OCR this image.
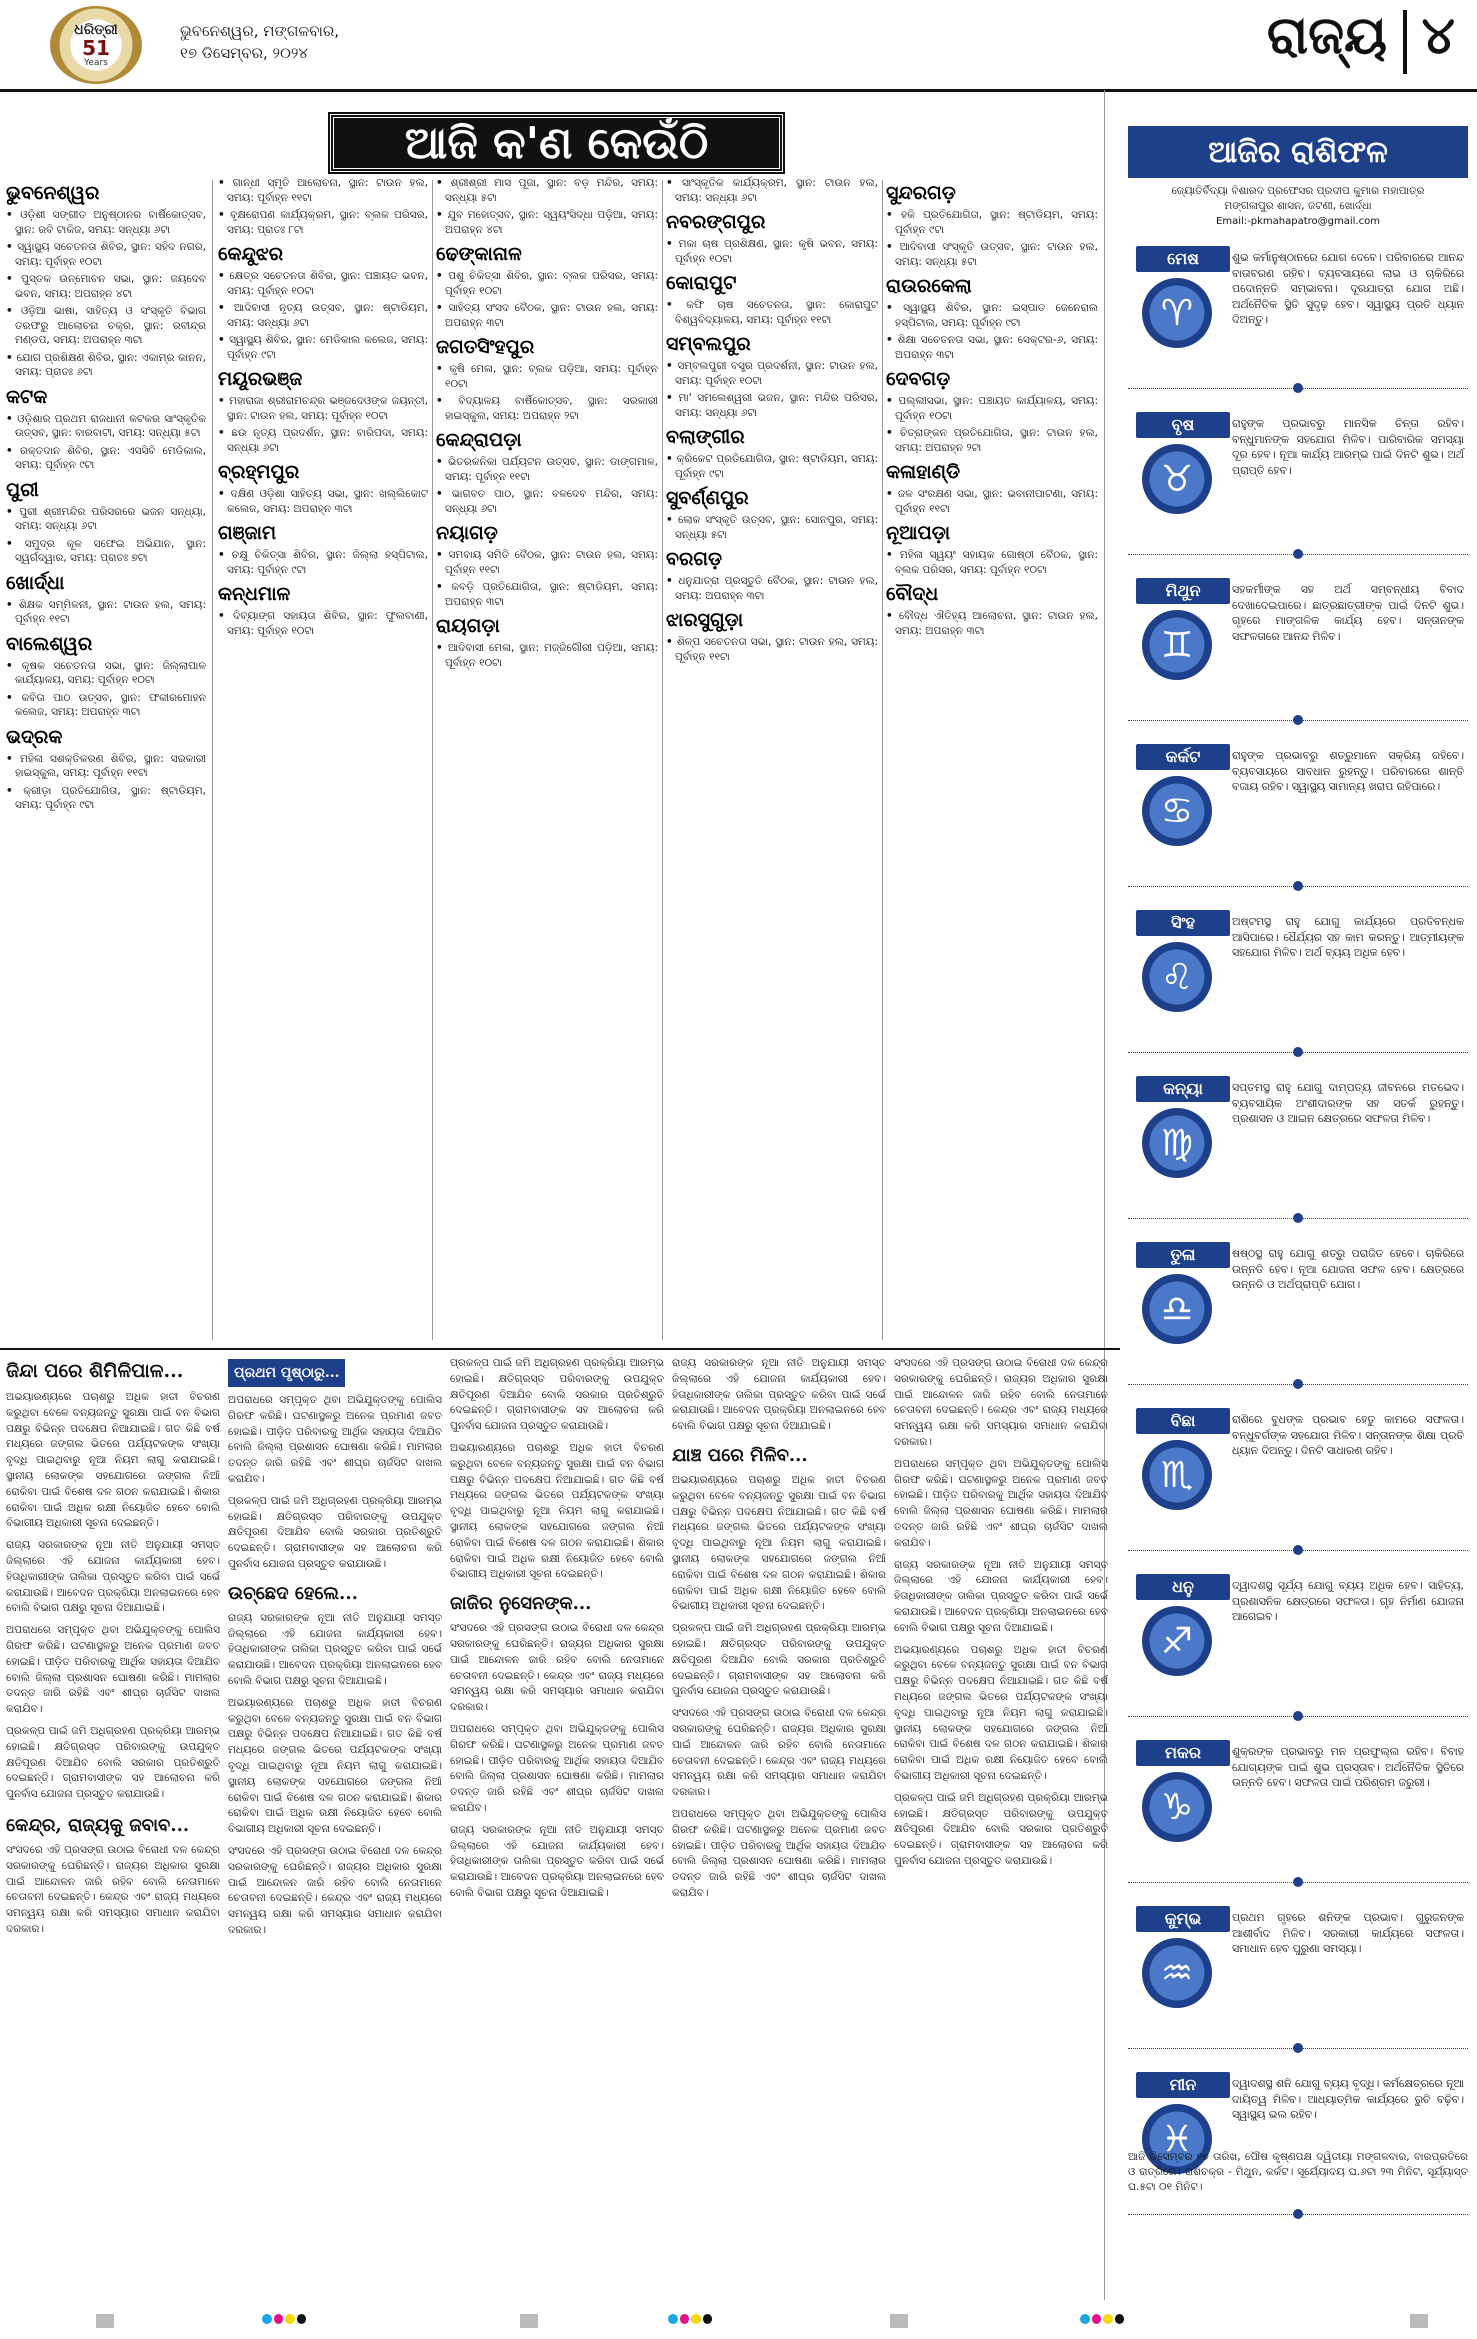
ଧରିତ୍ରୀ
51
Years
ଭୁବନେଶ୍ୱର, ମଙ୍ଗଳବାର,
୧୭ ଡିସେମ୍ବର, ୨୦୨୪	ରାଜ୍ୟ ୪
ଆଜି କ'ଣ କେଉଁଠି
ଭୁବନେଶ୍ୱର
• ଓଡ଼ିଶୀ ସଙ୍ଗୀତ ଅନୁଷ୍ଠାନର ବାର୍ଷିକୋତ୍ସବ, ସ୍ଥାନ: ରବି ଟାକିଜ, ସମୟ: ସନ୍ଧ୍ୟା ୬ଟା
• ସ୍ୱାସ୍ଥ୍ୟ ସଚେତନତା ଶିବିର, ସ୍ଥାନ: ସହିଦ ନଗର, ସମୟ: ପୂର୍ବାହ୍ନ ୧୦ଟା
• ପୁସ୍ତକ ଉନ୍ମୋଚନ ସଭା, ସ୍ଥାନ: ଜୟଦେବ ଭବନ, ସମୟ: ଅପରାହ୍ନ ୪ଟା
• ଓଡ଼ିଆ ଭାଷା, ସାହିତ୍ୟ ଓ ସଂସ୍କୃତି ବିଭାଗ ତରଫରୁ ଆଲୋଚନା ଚକ୍ର, ସ୍ଥାନ: ରବୀନ୍ଦ୍ର ମଣ୍ଡପ, ସମୟ: ଅପରାହ୍ନ ୩ଟା
• ଯୋଗ ପ୍ରଶିକ୍ଷଣ ଶିବିର, ସ୍ଥାନ: ଏକାମ୍ର କାନନ, ସମୟ: ପ୍ରାତଃ ୬ଟା
କଟକ
• ଓଡ଼ିଶାର ପ୍ରଥମ ରାଜଧାନୀ କଟକର ସାଂସ୍କୃତିକ ଉତ୍ସବ, ସ୍ଥାନ: ବାରବାଟୀ, ସମୟ: ସନ୍ଧ୍ୟା ୫ଟା
• ରକ୍ତଦାନ ଶିବିର, ସ୍ଥାନ: ଏସସିବି ମେଡିକାଲ, ସମୟ: ପୂର୍ବାହ୍ନ ୯ଟା
ପୁରୀ
• ପୁରୀ ଶ୍ରୀମନ୍ଦିର ପରିସରରେ ଭଜନ ସନ୍ଧ୍ୟା, ସମୟ: ସନ୍ଧ୍ୟା ୬ଟା
• ସମୁଦ୍ର କୂଳ ସଫେଇ ଅଭିଯାନ, ସ୍ଥାନ: ସ୍ୱର୍ଗଦ୍ୱାର, ସମୟ: ପ୍ରାତଃ ୭ଟା
ଖୋର୍ଦ୍ଧା
• ଶିକ୍ଷକ ସମ୍ମିଳନୀ, ସ୍ଥାନ: ଟାଉନ ହଲ, ସମୟ: ପୂର୍ବାହ୍ନ ୧୧ଟା
ବାଲେଶ୍ୱର
• କୃଷକ ସଚେତନତା ସଭା, ସ୍ଥାନ: ଜିଲ୍ଲାପାଳ କାର୍ଯ୍ୟାଳୟ, ସମୟ: ପୂର୍ବାହ୍ନ ୧୦ଟା
• କବିତା ପାଠ ଉତ୍ସବ, ସ୍ଥାନ: ଫକୀରମୋହନ କଲେଜ, ସମୟ: ଅପରାହ୍ନ ୩ଟା
ଭଦ୍ରକ
• ମହିଳା ସଶକ୍ତିକରଣ ଶିବିର, ସ୍ଥାନ: ସରକାରୀ ହାଇସ୍କୁଲ, ସମୟ: ପୂର୍ବାହ୍ନ ୧୧ଟା
• କ୍ରୀଡ଼ା ପ୍ରତିଯୋଗିତା, ସ୍ଥାନ: ଷ୍ଟାଡିୟମ, ସମୟ: ପୂର୍ବାହ୍ନ ୯ଟା
• ଗାନ୍ଧୀ ସ୍ମୃତି ଆଲୋଚନା, ସ୍ଥାନ: ଟାଉନ ହଲ, ସମୟ: ପୂର୍ବାହ୍ନ ୧୧ଟା
• ବୃକ୍ଷରୋପଣ କାର୍ଯ୍ୟକ୍ରମ, ସ୍ଥାନ: ବ୍ଲକ ପରିସର, ସମୟ: ପ୍ରାତଃ ୮ଟା
କେନ୍ଦୁଝର
• କ୍ଷେତ୍ର ସଚେତନତା ଶିବିର, ସ୍ଥାନ: ପଞ୍ଚାୟତ ଭବନ, ସମୟ: ପୂର୍ବାହ୍ନ ୧୦ଟା
• ଆଦିବାସୀ ନୃତ୍ୟ ଉତ୍ସବ, ସ୍ଥାନ: ଷ୍ଟାଡିୟମ, ସମୟ: ସନ୍ଧ୍ୟା ୬ଟା
• ସ୍ୱାସ୍ଥ୍ୟ ଶିବିର, ସ୍ଥାନ: ମେଡିକାଲ କଲେଜ, ସମୟ: ପୂର୍ବାହ୍ନ ୯ଟା
ମୟୂରଭଞ୍ଜ
• ମହାରାଜା ଶ୍ରୀରାମଚନ୍ଦ୍ର ଭଞ୍ଜଦେଓଙ୍କ ଜୟନ୍ତୀ, ସ୍ଥାନ: ଟାଉନ ହଲ, ସମୟ: ପୂର୍ବାହ୍ନ ୧୦ଟା
• ଛଉ ନୃତ୍ୟ ପ୍ରଦର୍ଶନ, ସ୍ଥାନ: ବାରିପଦା, ସମୟ: ସନ୍ଧ୍ୟା ୬ଟା
ବ୍ରହ୍ମପୁର
• ଦକ୍ଷିଣ ଓଡ଼ିଶା ସାହିତ୍ୟ ସଭା, ସ୍ଥାନ: ଖଲ୍ଲିକୋଟ କଲେଜ, ସମୟ: ଅପରାହ୍ନ ୩ଟା
ଗଞ୍ଜାମ
• ଚକ୍ଷୁ ଚିକିତ୍ସା ଶିବିର, ସ୍ଥାନ: ଜିଲ୍ଲା ହସ୍ପିଟାଲ, ସମୟ: ପୂର୍ବାହ୍ନ ୯ଟା
କନ୍ଧମାଳ
• ଦିବ୍ୟାଙ୍ଗ ସହାୟତା ଶିବିର, ସ୍ଥାନ: ଫୁଲବାଣୀ, ସମୟ: ପୂର୍ବାହ୍ନ ୧୦ଟା
• ଶ୍ରୀଶ୍ରୀ ମାସ ପୂଜା, ସ୍ଥାନ: ବଡ଼ ମନ୍ଦିର, ସମୟ: ସନ୍ଧ୍ୟା ୫ଟା
• ଯୁବ ମହୋତ୍ସବ, ସ୍ଥାନ: ସ୍ୱୟଂସିଦ୍ଧା ପଡ଼ିଆ, ସମୟ: ଅପରାହ୍ନ ୪ଟା
ଢେଙ୍କାନାଳ
• ପଶୁ ଚିକିତ୍ସା ଶିବିର, ସ୍ଥାନ: ବ୍ଲକ ପରିସର, ସମୟ: ପୂର୍ବାହ୍ନ ୧୦ଟା
• ସାହିତ୍ୟ ସଂସଦ ବୈଠକ, ସ୍ଥାନ: ଟାଉନ ହଲ, ସମୟ: ଅପରାହ୍ନ ୩ଟା
ଜଗତସିଂହପୁର
• କୃଷି ମେଳା, ସ୍ଥାନ: ବ୍ଲକ ପଡ଼ିଆ, ସମୟ: ପୂର୍ବାହ୍ନ ୧୦ଟା
• ବିଦ୍ୟାଳୟ ବାର୍ଷିକୋତ୍ସବ, ସ୍ଥାନ: ସରକାରୀ ହାଇସ୍କୁଲ, ସମୟ: ଅପରାହ୍ନ ୨ଟା
କେନ୍ଦ୍ରାପଡ଼ା
• ଭିତରକନିକା ପର୍ଯ୍ୟଟନ ଉତ୍ସବ, ସ୍ଥାନ: ଡାଙ୍ଗମାଳ, ସମୟ: ପୂର୍ବାହ୍ନ ୧୧ଟା
• ଭାଗବତ ପାଠ, ସ୍ଥାନ: ବଳଦେବ ମନ୍ଦିର, ସମୟ: ସନ୍ଧ୍ୟା ୬ଟା
ନୟାଗଡ଼
• ସମବାୟ ସମିତି ବୈଠକ, ସ୍ଥାନ: ଟାଉନ ହଲ, ସମୟ: ପୂର୍ବାହ୍ନ ୧୧ଟା
• କବଡ଼ି ପ୍ରତିଯୋଗିତା, ସ୍ଥାନ: ଷ୍ଟାଡିୟମ, ସମୟ: ଅପରାହ୍ନ ୩ଟା
ରାୟଗଡ଼ା
• ଆଦିବାସୀ ମେଳା, ସ୍ଥାନ: ମଜ୍ଜିଗୌରୀ ପଡ଼ିଆ, ସମୟ: ପୂର୍ବାହ୍ନ ୧୦ଟା
• ସାଂସ୍କୃତିକ କାର୍ଯ୍ୟକ୍ରମ, ସ୍ଥାନ: ଟାଉନ ହଲ, ସମୟ: ସନ୍ଧ୍ୟା ୬ଟା
ନବରଙ୍ଗପୁର
• ମକା ଚାଷ ପ୍ରଶିକ୍ଷଣ, ସ୍ଥାନ: କୃଷି ଭବନ, ସମୟ: ପୂର୍ବାହ୍ନ ୧୦ଟା
କୋରାପୁଟ
• କଫି ଚାଷ ସଚେତନତା, ସ୍ଥାନ: କୋରାପୁଟ ବିଶ୍ୱବିଦ୍ୟାଳୟ, ସମୟ: ପୂର୍ବାହ୍ନ ୧୧ଟା
ସମ୍ବଲପୁର
• ସମ୍ବଲପୁରୀ ବସ୍ତ୍ର ପ୍ରଦର୍ଶନୀ, ସ୍ଥାନ: ଟାଉନ ହଲ, ସମୟ: ପୂର୍ବାହ୍ନ ୧୦ଟା
• ମା' ସମଲେଶ୍ୱରୀ ଭଜନ, ସ୍ଥାନ: ମନ୍ଦିର ପରିସର, ସମୟ: ସନ୍ଧ୍ୟା ୬ଟା
ବଲାଙ୍ଗୀର
• କ୍ରିକେଟ ପ୍ରତିଯୋଗିତା, ସ୍ଥାନ: ଷ୍ଟାଡିୟମ, ସମୟ: ପୂର୍ବାହ୍ନ ୯ଟା
ସୁବର୍ଣ୍ଣପୁର
• ଲୋକ ସଂସ୍କୃତି ଉତ୍ସବ, ସ୍ଥାନ: ସୋନପୁର, ସମୟ: ସନ୍ଧ୍ୟା ୫ଟା
ବରଗଡ଼
• ଧନୁଯାତ୍ରା ପ୍ରସ୍ତୁତି ବୈଠକ, ସ୍ଥାନ: ଟାଉନ ହଲ, ସମୟ: ଅପରାହ୍ନ ୩ଟା
ଝାରସୁଗୁଡ଼ା
• ଶିଳ୍ପ ସଚେତନତା ସଭା, ସ୍ଥାନ: ଟାଉନ ହଲ, ସମୟ: ପୂର୍ବାହ୍ନ ୧୧ଟା
ସୁନ୍ଦରଗଡ଼
• ହକି ପ୍ରତିଯୋଗିତା, ସ୍ଥାନ: ଷ୍ଟାଡିୟମ, ସମୟ: ପୂର୍ବାହ୍ନ ୯ଟା
• ଆଦିବାସୀ ସଂସ୍କୃତି ଉତ୍ସବ, ସ୍ଥାନ: ଟାଉନ ହଲ, ସମୟ: ସନ୍ଧ୍ୟା ୫ଟା
ରାଉରକେଲା
• ସ୍ୱାସ୍ଥ୍ୟ ଶିବିର, ସ୍ଥାନ: ଇସ୍ପାତ ଜେନେରାଲ ହସ୍ପିଟାଲ, ସମୟ: ପୂର୍ବାହ୍ନ ୯ଟା
• ଶିକ୍ଷା ସଚେତନତା ସଭା, ସ୍ଥାନ: ସେକ୍ଟର-୬, ସମୟ: ଅପରାହ୍ନ ୩ଟା
ଦେବଗଡ଼
• ପଲ୍ଲୀସଭା, ସ୍ଥାନ: ପଞ୍ଚାୟତ କାର୍ଯ୍ୟାଳୟ, ସମୟ: ପୂର୍ବାହ୍ନ ୧୦ଟା
• ଚିତ୍ରାଙ୍କନ ପ୍ରତିଯୋଗିତା, ସ୍ଥାନ: ଟାଉନ ହଲ, ସମୟ: ଅପରାହ୍ନ ୨ଟା
କଳାହାଣ୍ଡି
• ଜଳ ସଂରକ୍ଷଣ ସଭା, ସ୍ଥାନ: ଭବାନୀପାଟଣା, ସମୟ: ପୂର୍ବାହ୍ନ ୧୧ଟା
ନୂଆପଡ଼ା
• ମହିଳା ସ୍ୱୟଂ ସହାୟକ ଗୋଷ୍ଠୀ ବୈଠକ, ସ୍ଥାନ: ବ୍ଲକ ପରିସର, ସମୟ: ପୂର୍ବାହ୍ନ ୧୦ଟା
ବୌଦ୍ଧ
• ବୌଦ୍ଧ ଐତିହ୍ୟ ଆଲୋଚନା, ସ୍ଥାନ: ଟାଉନ ହଲ, ସମୟ: ଅପରାହ୍ନ ୩ଟା
ଆଜିର ରାଶିଫଳ
ଜ୍ୟୋତିର୍ବିଦ୍ୟା ବିଶାରଦ ପ୍ରଫେସର ପ୍ରଦୀପ କୁମାର ମହାପାତ୍ର
ମଙ୍ଗଳାପୁର ଶାସନ, ଜଟଣୀ, ଖୋର୍ଦ୍ଧା
Email:-pkmahapatro@gmail.com
ମେଷ
♈
ଶୁଭ କର୍ମାନୁଷ୍ଠାନରେ ଯୋଗ ଦେବେ। ପରିବାରରେ ଆନନ୍ଦ ବାତାବରଣ ରହିବ। ବ୍ୟବସାୟରେ ଲାଭ ଓ ଚାକିରିରେ ପଦୋନ୍ନତି ସମ୍ଭାବନା। ଦୂରଯାତ୍ରା ଯୋଗ ଅଛି। ଅର୍ଥନୈତିକ ସ୍ଥିତି ସୁଦୃଢ଼ ହେବ। ସ୍ୱାସ୍ଥ୍ୟ ପ୍ରତି ଧ୍ୟାନ ଦିଅନ୍ତୁ।
ବୃଷ
♉
ରାହୁଙ୍କ ପ୍ରଭାବରୁ ମାନସିକ ଚିନ୍ତା ରହିବ। ବନ୍ଧୁମାନଙ୍କ ସହଯୋଗ ମିଳିବ। ପାରିବାରିକ ସମସ୍ୟା ଦୂର ହେବ। ନୂଆ କାର୍ଯ୍ୟ ଆରମ୍ଭ ପାଇଁ ଦିନଟି ଶୁଭ। ଅର୍ଥ ପ୍ରାପ୍ତି ହେବ।
ମିଥୁନ
♊
ସହକର୍ମୀଙ୍କ ସହ ଅର୍ଥ ସମ୍ବନ୍ଧୀୟ ବିବାଦ ଦେଖାଦେଇପାରେ। ଛାତ୍ରଛାତ୍ରୀଙ୍କ ପାଇଁ ଦିନଟି ଶୁଭ। ଗୃହରେ ମାଙ୍ଗଳିକ କାର୍ଯ୍ୟ ହେବ। ସନ୍ତାନଙ୍କ ସଫଳତାରେ ଆନନ୍ଦ ମିଳିବ।
କର୍କଟ
♋
ରାହୁଙ୍କ ପ୍ରଭାବରୁ ଶତ୍ରୁମାନେ ସକ୍ରିୟ ରହିବେ। ବ୍ୟବସାୟରେ ସାବଧାନ ରୁହନ୍ତୁ। ପରିବାରରେ ଶାନ୍ତି ବଜାୟ ରହିବ। ସ୍ୱାସ୍ଥ୍ୟ ସାମାନ୍ୟ ଖରାପ ରହିପାରେ।
ସିଂହ
♌
ଅଷ୍ଟମସ୍ଥ ରାହୁ ଯୋଗୁ କାର୍ଯ୍ୟରେ ପ୍ରତିବନ୍ଧକ ଆସିପାରେ। ଧୈର୍ଯ୍ୟର ସହ କାମ କରନ୍ତୁ। ଆତ୍ମୀୟଙ୍କ ସହଯୋଗ ମିଳିବ। ଅର୍ଥ ବ୍ୟୟ ଅଧିକ ହେବ।
କନ୍ୟା
♍
ସପ୍ତମସ୍ଥ ରାହୁ ଯୋଗୁ ଦାମ୍ପତ୍ୟ ଜୀବନରେ ମତଭେଦ। ବ୍ୟବସାୟିକ ଅଂଶୀଦାରଙ୍କ ସହ ସତର୍କ ରୁହନ୍ତୁ। ପ୍ରଶାସନ ଓ ଆଇନ କ୍ଷେତ୍ରରେ ସଫଳତା ମିଳିବ।
ତୁଳା
♎
ଷଷ୍ଠସ୍ଥ ରାହୁ ଯୋଗୁ ଶତ୍ରୁ ପରାଜିତ ହେବେ। ଚାକିରିରେ ଉନ୍ନତି ହେବ। ନୂଆ ଯୋଜନା ସଫଳ ହେବ। କ୍ଷେତ୍ରରେ ଉନ୍ନତି ଓ ଅର୍ଥପ୍ରାପ୍ତି ଯୋଗ।
ବିଛା
♏
ରାଶିରେ ବୁଧଙ୍କ ପ୍ରଭାବ ହେତୁ କାମରେ ସଫଳତା। ବନ୍ଧୁବର୍ଗଙ୍କ ସହଯୋଗ ମିଳିବ। ସନ୍ତାନଙ୍କ ଶିକ୍ଷା ପ୍ରତି ଧ୍ୟାନ ଦିଅନ୍ତୁ। ଦିନଟି ସାଧାରଣ ରହିବ।
ଧନୁ
♐
ଦ୍ୱାଦଶସ୍ଥ ସୂର୍ଯ୍ୟ ଯୋଗୁ ବ୍ୟୟ ଅଧିକ ହେବ। ସାହିତ୍ୟ, ପ୍ରଶାସନିକ କ୍ଷେତ୍ରରେ ସଫଳତା। ଗୃହ ନିର୍ମାଣ ଯୋଜନା ଆଗେଇବ।
ମକର
♑
ଶୁକ୍ରଙ୍କ ପ୍ରଭାବରୁ ମନ ପ୍ରଫୁଲ୍ଲ ରହିବ। ବିବାହ ଯୋଗ୍ୟଙ୍କ ପାଇଁ ଶୁଭ ପ୍ରସ୍ତାବ। ଅର୍ଥନୈତିକ ସ୍ଥିତିରେ ଉନ୍ନତି ହେବ। ସଫଳତା ପାଇଁ ପରିଶ୍ରମ ଜରୁରୀ।
କୁମ୍ଭ
♒
ପ୍ରଥମ ଗୃହରେ ଶନିଙ୍କ ପ୍ରଭାବ। ଗୁରୁଜନଙ୍କ ଆଶୀର୍ବାଦ ମିଳିବ। ସରକାରୀ କାର୍ଯ୍ୟରେ ସଫଳତା। ସମାଧାନ ହେବ ପୁରୁଣା ସମସ୍ୟା।
ମୀନ
♓
ଦ୍ୱାଦଶସ୍ଥ ଶନି ଯୋଗୁ ବ୍ୟୟ ବୃଦ୍ଧି। କର୍ମକ୍ଷେତ୍ରରେ ନୂଆ ଦାୟିତ୍ୱ ମିଳିବ। ଆଧ୍ୟାତ୍ମିକ କାର୍ଯ୍ୟରେ ରୁଚି ବଢ଼ିବ। ସ୍ୱାସ୍ଥ୍ୟ ଭଲ ରହିବ।
ଆଜି ଡିସେମ୍ବର ୧୭ ତାରିଖ, ପୌଷ କୃଷ୍ଣପକ୍ଷ ଦ୍ୱିତୀୟା ମଙ୍ଗଳବାର, ବାରପ୍ରତିରେ ଓ ରାତ୍ରିରେ। ରାଶିଚକ୍ର - ମିଥୁନ, କର୍କଟ। ସୂର୍ଯ୍ୟୋଦୟ ଘ.୬ଟା ୨୩ ମିନିଟ, ସୂର୍ଯ୍ୟାସ୍ତ ଘ.୫ଟା ୦୧ ମିନିଟ।
ଜିନ୍ଦା ପରେ ଶିମିଳିପାଳ...

ଅଭୟାରଣ୍ୟରେ ପଚାଶରୁ ଅଧିକ ହାତୀ ବିଚରଣ କରୁଥିବା ବେଳେ ବନ୍ୟଜନ୍ତୁ ସୁରକ୍ଷା ପାଇଁ ବନ ବିଭାଗ ପକ୍ଷରୁ ବିଭିନ୍ନ ପଦକ୍ଷେପ ନିଆଯାଇଛି। ଗତ କିଛି ବର୍ଷ ମଧ୍ୟରେ ଜଙ୍ଗଲ ଭିତରେ ପର୍ଯ୍ୟଟକଙ୍କ ସଂଖ୍ୟା ବୃଦ୍ଧି ପାଇଥିବାରୁ ନୂଆ ନିୟମ ଲାଗୁ କରାଯାଇଛି। ସ୍ଥାନୀୟ ଲୋକଙ୍କ ସହଯୋଗରେ ଜଙ୍ଗଲ ନିଆଁ ରୋକିବା ପାଇଁ ବିଶେଷ ଦଳ ଗଠନ କରାଯାଇଛି। ଶିକାର ରୋକିବା ପାଇଁ ଅଧିକ ରକ୍ଷୀ ନିୟୋଜିତ ହେବେ ବୋଲି ବିଭାଗୀୟ ଅଧିକାରୀ ସୂଚନା ଦେଇଛନ୍ତି।

ରାଜ୍ୟ ସରକାରଙ୍କ ନୂଆ ନୀତି ଅନୁଯାୟୀ ସମସ୍ତ ଜିଲ୍ଲାରେ ଏହି ଯୋଜନା କାର୍ଯ୍ୟକାରୀ ହେବ। ହିତାଧିକାରୀଙ୍କ ତାଲିକା ପ୍ରସ୍ତୁତ କରିବା ପାଇଁ ସର୍ଭେ କରାଯାଉଛି। ଆବେଦନ ପ୍ରକ୍ରିୟା ଅନଲାଇନରେ ହେବ ବୋଲି ବିଭାଗ ପକ୍ଷରୁ ସୂଚନା ଦିଆଯାଇଛି।

ଅପରାଧରେ ସମ୍ପୃକ୍ତ ଥିବା ଅଭିଯୁକ୍ତଙ୍କୁ ପୋଲିସ ଗିରଫ କରିଛି। ଘଟଣାସ୍ଥଳରୁ ଅନେକ ପ୍ରମାଣ ଜବତ ହୋଇଛି। ପୀଡ଼ିତ ପରିବାରକୁ ଆର୍ଥିକ ସହାୟତା ଦିଆଯିବ ବୋଲି ଜିଲ୍ଲା ପ୍ରଶାସନ ଘୋଷଣା କରିଛି। ମାମଲାର ତଦନ୍ତ ଜାରି ରହିଛି ଏବଂ ଶୀଘ୍ର ଚାର୍ଜସିଟ ଦାଖଲ କରାଯିବ।

ପ୍ରକଳ୍ପ ପାଇଁ ଜମି ଅଧିଗ୍ରହଣ ପ୍ରକ୍ରିୟା ଆରମ୍ଭ ହୋଇଛି। କ୍ଷତିଗ୍ରସ୍ତ ପରିବାରଙ୍କୁ ଉପଯୁକ୍ତ କ୍ଷତିପୂରଣ ଦିଆଯିବ ବୋଲି ସରକାର ପ୍ରତିଶ୍ରୁତି ଦେଇଛନ୍ତି। ଗ୍ରାମବାସୀଙ୍କ ସହ ଆଲୋଚନା କରି ପୁନର୍ବାସ ଯୋଜନା ପ୍ରସ୍ତୁତ କରାଯାଉଛି।

କେନ୍ଦ୍ର, ରାଜ୍ୟକୁ ଜବାବ...

ସଂସଦରେ ଏହି ପ୍ରସଙ୍ଗ ଉଠାଇ ବିରୋଧୀ ଦଳ କେନ୍ଦ୍ର ସରକାରଙ୍କୁ ଘେରିଛନ୍ତି। ରାଜ୍ୟର ଅଧିକାର ସୁରକ୍ଷା ପାଇଁ ଆନ୍ଦୋଳନ ଜାରି ରହିବ ବୋଲି ନେତାମାନେ ଚେତାବନୀ ଦେଇଛନ୍ତି। କେନ୍ଦ୍ର ଏବଂ ରାଜ୍ୟ ମଧ୍ୟରେ ସମନ୍ୱୟ ରକ୍ଷା କରି ସମସ୍ୟାର ସମାଧାନ କରାଯିବା ଦରକାର।

ପ୍ରଥମ ପୃଷ୍ଠାରୁ...

ଅପରାଧରେ ସମ୍ପୃକ୍ତ ଥିବା ଅଭିଯୁକ୍ତଙ୍କୁ ପୋଲିସ ଗିରଫ କରିଛି। ଘଟଣାସ୍ଥଳରୁ ଅନେକ ପ୍ରମାଣ ଜବତ ହୋଇଛି। ପୀଡ଼ିତ ପରିବାରକୁ ଆର୍ଥିକ ସହାୟତା ଦିଆଯିବ ବୋଲି ଜିଲ୍ଲା ପ୍ରଶାସନ ଘୋଷଣା କରିଛି। ମାମଲାର ତଦନ୍ତ ଜାରି ରହିଛି ଏବଂ ଶୀଘ୍ର ଚାର୍ଜସିଟ ଦାଖଲ କରାଯିବ।

ପ୍ରକଳ୍ପ ପାଇଁ ଜମି ଅଧିଗ୍ରହଣ ପ୍ରକ୍ରିୟା ଆରମ୍ଭ ହୋଇଛି। କ୍ଷତିଗ୍ରସ୍ତ ପରିବାରଙ୍କୁ ଉପଯୁକ୍ତ କ୍ଷତିପୂରଣ ଦିଆଯିବ ବୋଲି ସରକାର ପ୍ରତିଶ୍ରୁତି ଦେଇଛନ୍ତି। ଗ୍ରାମବାସୀଙ୍କ ସହ ଆଲୋଚନା କରି ପୁନର୍ବାସ ଯୋଜନା ପ୍ରସ୍ତୁତ କରାଯାଉଛି।

ଉଚ୍ଛେଦ ହେଲେ...

ରାଜ୍ୟ ସରକାରଙ୍କ ନୂଆ ନୀତି ଅନୁଯାୟୀ ସମସ୍ତ ଜିଲ୍ଲାରେ ଏହି ଯୋଜନା କାର୍ଯ୍ୟକାରୀ ହେବ। ହିତାଧିକାରୀଙ୍କ ତାଲିକା ପ୍ରସ୍ତୁତ କରିବା ପାଇଁ ସର୍ଭେ କରାଯାଉଛି। ଆବେଦନ ପ୍ରକ୍ରିୟା ଅନଲାଇନରେ ହେବ ବୋଲି ବିଭାଗ ପକ୍ଷରୁ ସୂଚନା ଦିଆଯାଇଛି।

ଅଭୟାରଣ୍ୟରେ ପଚାଶରୁ ଅଧିକ ହାତୀ ବିଚରଣ କରୁଥିବା ବେଳେ ବନ୍ୟଜନ୍ତୁ ସୁରକ୍ଷା ପାଇଁ ବନ ବିଭାଗ ପକ୍ଷରୁ ବିଭିନ୍ନ ପଦକ୍ଷେପ ନିଆଯାଇଛି। ଗତ କିଛି ବର୍ଷ ମଧ୍ୟରେ ଜଙ୍ଗଲ ଭିତରେ ପର୍ଯ୍ୟଟକଙ୍କ ସଂଖ୍ୟା ବୃଦ୍ଧି ପାଇଥିବାରୁ ନୂଆ ନିୟମ ଲାଗୁ କରାଯାଇଛି। ସ୍ଥାନୀୟ ଲୋକଙ୍କ ସହଯୋଗରେ ଜଙ୍ଗଲ ନିଆଁ ରୋକିବା ପାଇଁ ବିଶେଷ ଦଳ ଗଠନ କରାଯାଇଛି। ଶିକାର ରୋକିବା ପାଇଁ ଅଧିକ ରକ୍ଷୀ ନିୟୋଜିତ ହେବେ ବୋଲି ବିଭାଗୀୟ ଅଧିକାରୀ ସୂଚନା ଦେଇଛନ୍ତି।

ସଂସଦରେ ଏହି ପ୍ରସଙ୍ଗ ଉଠାଇ ବିରୋଧୀ ଦଳ କେନ୍ଦ୍ର ସରକାରଙ୍କୁ ଘେରିଛନ୍ତି। ରାଜ୍ୟର ଅଧିକାର ସୁରକ୍ଷା ପାଇଁ ଆନ୍ଦୋଳନ ଜାରି ରହିବ ବୋଲି ନେତାମାନେ ଚେତାବନୀ ଦେଇଛନ୍ତି। କେନ୍ଦ୍ର ଏବଂ ରାଜ୍ୟ ମଧ୍ୟରେ ସମନ୍ୱୟ ରକ୍ଷା କରି ସମସ୍ୟାର ସମାଧାନ କରାଯିବା ଦରକାର।

ପ୍ରକଳ୍ପ ପାଇଁ ଜମି ଅଧିଗ୍ରହଣ ପ୍ରକ୍ରିୟା ଆରମ୍ଭ ହୋଇଛି। କ୍ଷତିଗ୍ରସ୍ତ ପରିବାରଙ୍କୁ ଉପଯୁକ୍ତ କ୍ଷତିପୂରଣ ଦିଆଯିବ ବୋଲି ସରକାର ପ୍ରତିଶ୍ରୁତି ଦେଇଛନ୍ତି। ଗ୍ରାମବାସୀଙ୍କ ସହ ଆଲୋଚନା କରି ପୁନର୍ବାସ ଯୋଜନା ପ୍ରସ୍ତୁତ କରାଯାଉଛି।

ଅଭୟାରଣ୍ୟରେ ପଚାଶରୁ ଅଧିକ ହାତୀ ବିଚରଣ କରୁଥିବା ବେଳେ ବନ୍ୟଜନ୍ତୁ ସୁରକ୍ଷା ପାଇଁ ବନ ବିଭାଗ ପକ୍ଷରୁ ବିଭିନ୍ନ ପଦକ୍ଷେପ ନିଆଯାଇଛି। ଗତ କିଛି ବର୍ଷ ମଧ୍ୟରେ ଜଙ୍ଗଲ ଭିତରେ ପର୍ଯ୍ୟଟକଙ୍କ ସଂଖ୍ୟା ବୃଦ୍ଧି ପାଇଥିବାରୁ ନୂଆ ନିୟମ ଲାଗୁ କରାଯାଇଛି। ସ୍ଥାନୀୟ ଲୋକଙ୍କ ସହଯୋଗରେ ଜଙ୍ଗଲ ନିଆଁ ରୋକିବା ପାଇଁ ବିଶେଷ ଦଳ ଗଠନ କରାଯାଇଛି। ଶିକାର ରୋକିବା ପାଇଁ ଅଧିକ ରକ୍ଷୀ ନିୟୋଜିତ ହେବେ ବୋଲି ବିଭାଗୀୟ ଅଧିକାରୀ ସୂଚନା ଦେଇଛନ୍ତି।

ଜାଜିର ନୁସେନଙ୍କ...

ସଂସଦରେ ଏହି ପ୍ରସଙ୍ଗ ଉଠାଇ ବିରୋଧୀ ଦଳ କେନ୍ଦ୍ର ସରକାରଙ୍କୁ ଘେରିଛନ୍ତି। ରାଜ୍ୟର ଅଧିକାର ସୁରକ୍ଷା ପାଇଁ ଆନ୍ଦୋଳନ ଜାରି ରହିବ ବୋଲି ନେତାମାନେ ଚେତାବନୀ ଦେଇଛନ୍ତି। କେନ୍ଦ୍ର ଏବଂ ରାଜ୍ୟ ମଧ୍ୟରେ ସମନ୍ୱୟ ରକ୍ଷା କରି ସମସ୍ୟାର ସମାଧାନ କରାଯିବା ଦରକାର।

ଅପରାଧରେ ସମ୍ପୃକ୍ତ ଥିବା ଅଭିଯୁକ୍ତଙ୍କୁ ପୋଲିସ ଗିରଫ କରିଛି। ଘଟଣାସ୍ଥଳରୁ ଅନେକ ପ୍ରମାଣ ଜବତ ହୋଇଛି। ପୀଡ଼ିତ ପରିବାରକୁ ଆର୍ଥିକ ସହାୟତା ଦିଆଯିବ ବୋଲି ଜିଲ୍ଲା ପ୍ରଶାସନ ଘୋଷଣା କରିଛି। ମାମଲାର ତଦନ୍ତ ଜାରି ରହିଛି ଏବଂ ଶୀଘ୍ର ଚାର୍ଜସିଟ ଦାଖଲ କରାଯିବ।

ରାଜ୍ୟ ସରକାରଙ୍କ ନୂଆ ନୀତି ଅନୁଯାୟୀ ସମସ୍ତ ଜିଲ୍ଲାରେ ଏହି ଯୋଜନା କାର୍ଯ୍ୟକାରୀ ହେବ। ହିତାଧିକାରୀଙ୍କ ତାଲିକା ପ୍ରସ୍ତୁତ କରିବା ପାଇଁ ସର୍ଭେ କରାଯାଉଛି। ଆବେଦନ ପ୍ରକ୍ରିୟା ଅନଲାଇନରେ ହେବ ବୋଲି ବିଭାଗ ପକ୍ଷରୁ ସୂଚନା ଦିଆଯାଇଛି।

ରାଜ୍ୟ ସରକାରଙ୍କ ନୂଆ ନୀତି ଅନୁଯାୟୀ ସମସ୍ତ ଜିଲ୍ଲାରେ ଏହି ଯୋଜନା କାର୍ଯ୍ୟକାରୀ ହେବ। ହିତାଧିକାରୀଙ୍କ ତାଲିକା ପ୍ରସ୍ତୁତ କରିବା ପାଇଁ ସର୍ଭେ କରାଯାଉଛି। ଆବେଦନ ପ୍ରକ୍ରିୟା ଅନଲାଇନରେ ହେବ ବୋଲି ବିଭାଗ ପକ୍ଷରୁ ସୂଚନା ଦିଆଯାଇଛି।

ଯାଞ୍ଚ ପରେ ମିଳିବ...

ଅଭୟାରଣ୍ୟରେ ପଚାଶରୁ ଅଧିକ ହାତୀ ବିଚରଣ କରୁଥିବା ବେଳେ ବନ୍ୟଜନ୍ତୁ ସୁରକ୍ଷା ପାଇଁ ବନ ବିଭାଗ ପକ୍ଷରୁ ବିଭିନ୍ନ ପଦକ୍ଷେପ ନିଆଯାଇଛି। ଗତ କିଛି ବର୍ଷ ମଧ୍ୟରେ ଜଙ୍ଗଲ ଭିତରେ ପର୍ଯ୍ୟଟକଙ୍କ ସଂଖ୍ୟା ବୃଦ୍ଧି ପାଇଥିବାରୁ ନୂଆ ନିୟମ ଲାଗୁ କରାଯାଇଛି। ସ୍ଥାନୀୟ ଲୋକଙ୍କ ସହଯୋଗରେ ଜଙ୍ଗଲ ନିଆଁ ରୋକିବା ପାଇଁ ବିଶେଷ ଦଳ ଗଠନ କରାଯାଇଛି। ଶିକାର ରୋକିବା ପାଇଁ ଅଧିକ ରକ୍ଷୀ ନିୟୋଜିତ ହେବେ ବୋଲି ବିଭାଗୀୟ ଅଧିକାରୀ ସୂଚନା ଦେଇଛନ୍ତି।

ପ୍ରକଳ୍ପ ପାଇଁ ଜମି ଅଧିଗ୍ରହଣ ପ୍ରକ୍ରିୟା ଆରମ୍ଭ ହୋଇଛି। କ୍ଷତିଗ୍ରସ୍ତ ପରିବାରଙ୍କୁ ଉପଯୁକ୍ତ କ୍ଷତିପୂରଣ ଦିଆଯିବ ବୋଲି ସରକାର ପ୍ରତିଶ୍ରୁତି ଦେଇଛନ୍ତି। ଗ୍ରାମବାସୀଙ୍କ ସହ ଆଲୋଚନା କରି ପୁନର୍ବାସ ଯୋଜନା ପ୍ରସ୍ତୁତ କରାଯାଉଛି।

ସଂସଦରେ ଏହି ପ୍ରସଙ୍ଗ ଉଠାଇ ବିରୋଧୀ ଦଳ କେନ୍ଦ୍ର ସରକାରଙ୍କୁ ଘେରିଛନ୍ତି। ରାଜ୍ୟର ଅଧିକାର ସୁରକ୍ଷା ପାଇଁ ଆନ୍ଦୋଳନ ଜାରି ରହିବ ବୋଲି ନେତାମାନେ ଚେତାବନୀ ଦେଇଛନ୍ତି। କେନ୍ଦ୍ର ଏବଂ ରାଜ୍ୟ ମଧ୍ୟରେ ସମନ୍ୱୟ ରକ୍ଷା କରି ସମସ୍ୟାର ସମାଧାନ କରାଯିବା ଦରକାର।

ଅପରାଧରେ ସମ୍ପୃକ୍ତ ଥିବା ଅଭିଯୁକ୍ତଙ୍କୁ ପୋଲିସ ଗିରଫ କରିଛି। ଘଟଣାସ୍ଥଳରୁ ଅନେକ ପ୍ରମାଣ ଜବତ ହୋଇଛି। ପୀଡ଼ିତ ପରିବାରକୁ ଆର୍ଥିକ ସହାୟତା ଦିଆଯିବ ବୋଲି ଜିଲ୍ଲା ପ୍ରଶାସନ ଘୋଷଣା କରିଛି। ମାମଲାର ତଦନ୍ତ ଜାରି ରହିଛି ଏବଂ ଶୀଘ୍ର ଚାର୍ଜସିଟ ଦାଖଲ କରାଯିବ।

ସଂସଦରେ ଏହି ପ୍ରସଙ୍ଗ ଉଠାଇ ବିରୋଧୀ ଦଳ କେନ୍ଦ୍ର ସରକାରଙ୍କୁ ଘେରିଛନ୍ତି। ରାଜ୍ୟର ଅଧିକାର ସୁରକ୍ଷା ପାଇଁ ଆନ୍ଦୋଳନ ଜାରି ରହିବ ବୋଲି ନେତାମାନେ ଚେତାବନୀ ଦେଇଛନ୍ତି। କେନ୍ଦ୍ର ଏବଂ ରାଜ୍ୟ ମଧ୍ୟରେ ସମନ୍ୱୟ ରକ୍ଷା କରି ସମସ୍ୟାର ସମାଧାନ କରାଯିବା ଦରକାର।

ଅପରାଧରେ ସମ୍ପୃକ୍ତ ଥିବା ଅଭିଯୁକ୍ତଙ୍କୁ ପୋଲିସ ଗିରଫ କରିଛି। ଘଟଣାସ୍ଥଳରୁ ଅନେକ ପ୍ରମାଣ ଜବତ ହୋଇଛି। ପୀଡ଼ିତ ପରିବାରକୁ ଆର୍ଥିକ ସହାୟତା ଦିଆଯିବ ବୋଲି ଜିଲ୍ଲା ପ୍ରଶାସନ ଘୋଷଣା କରିଛି। ମାମଲାର ତଦନ୍ତ ଜାରି ରହିଛି ଏବଂ ଶୀଘ୍ର ଚାର୍ଜସିଟ ଦାଖଲ କରାଯିବ।

ରାଜ୍ୟ ସରକାରଙ୍କ ନୂଆ ନୀତି ଅନୁଯାୟୀ ସମସ୍ତ ଜିଲ୍ଲାରେ ଏହି ଯୋଜନା କାର୍ଯ୍ୟକାରୀ ହେବ। ହିତାଧିକାରୀଙ୍କ ତାଲିକା ପ୍ରସ୍ତୁତ କରିବା ପାଇଁ ସର୍ଭେ କରାଯାଉଛି। ଆବେଦନ ପ୍ରକ୍ରିୟା ଅନଲାଇନରେ ହେବ ବୋଲି ବିଭାଗ ପକ୍ଷରୁ ସୂଚନା ଦିଆଯାଇଛି।

ଅଭୟାରଣ୍ୟରେ ପଚାଶରୁ ଅଧିକ ହାତୀ ବିଚରଣ କରୁଥିବା ବେଳେ ବନ୍ୟଜନ୍ତୁ ସୁରକ୍ଷା ପାଇଁ ବନ ବିଭାଗ ପକ୍ଷରୁ ବିଭିନ୍ନ ପଦକ୍ଷେପ ନିଆଯାଇଛି। ଗତ କିଛି ବର୍ଷ ମଧ୍ୟରେ ଜଙ୍ଗଲ ଭିତରେ ପର୍ଯ୍ୟଟକଙ୍କ ସଂଖ୍ୟା ବୃଦ୍ଧି ପାଇଥିବାରୁ ନୂଆ ନିୟମ ଲାଗୁ କରାଯାଇଛି। ସ୍ଥାନୀୟ ଲୋକଙ୍କ ସହଯୋଗରେ ଜଙ୍ଗଲ ନିଆଁ ରୋକିବା ପାଇଁ ବିଶେଷ ଦଳ ଗଠନ କରାଯାଇଛି। ଶିକାର ରୋକିବା ପାଇଁ ଅଧିକ ରକ୍ଷୀ ନିୟୋଜିତ ହେବେ ବୋଲି ବିଭାଗୀୟ ଅଧିକାରୀ ସୂଚନା ଦେଇଛନ୍ତି।

ପ୍ରକଳ୍ପ ପାଇଁ ଜମି ଅଧିଗ୍ରହଣ ପ୍ରକ୍ରିୟା ଆରମ୍ଭ ହୋଇଛି। କ୍ଷତିଗ୍ରସ୍ତ ପରିବାରଙ୍କୁ ଉପଯୁକ୍ତ କ୍ଷତିପୂରଣ ଦିଆଯିବ ବୋଲି ସରକାର ପ୍ରତିଶ୍ରୁତି ଦେଇଛନ୍ତି। ଗ୍ରାମବାସୀଙ୍କ ସହ ଆଲୋଚନା କରି ପୁନର୍ବାସ ଯୋଜନା ପ୍ରସ୍ତୁତ କରାଯାଉଛି।
